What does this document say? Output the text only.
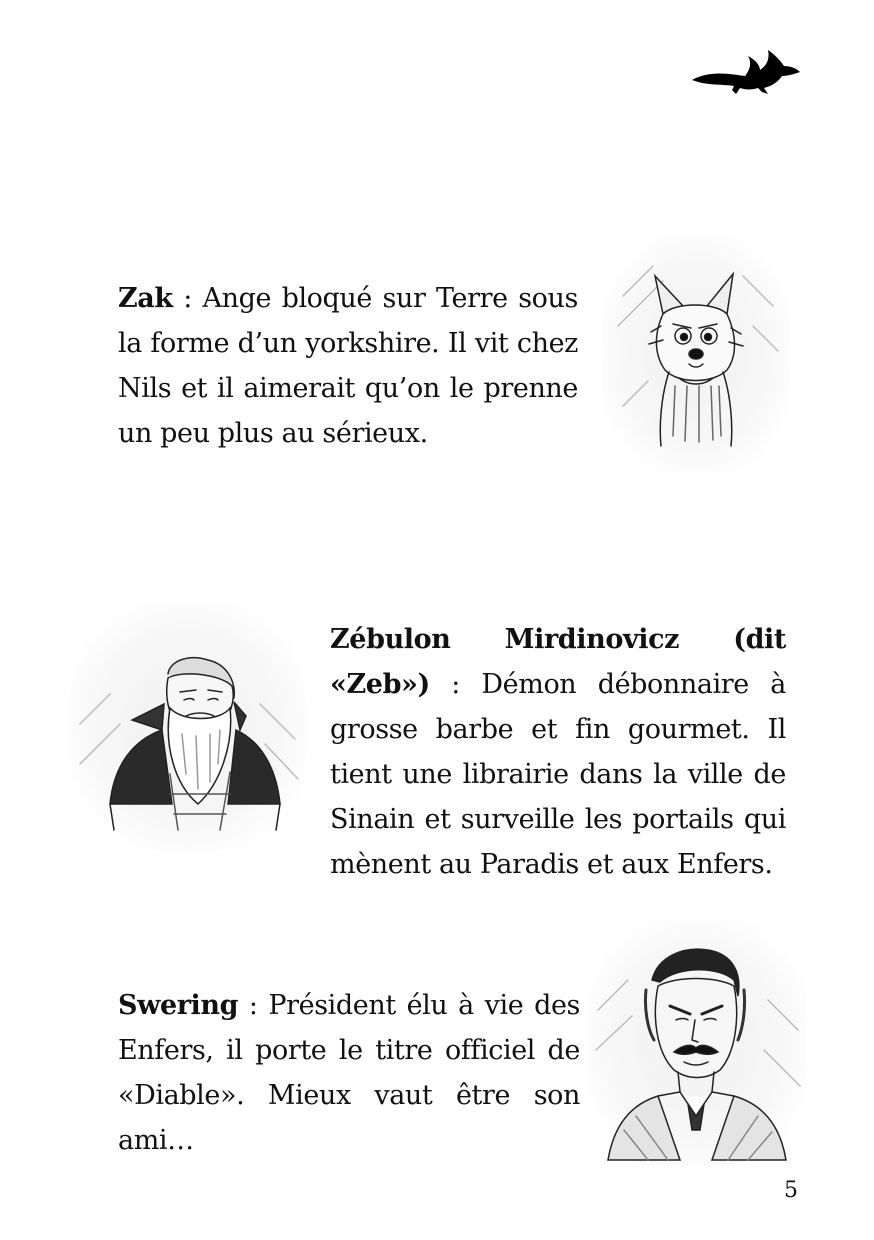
Zak : Ange bloqué sur Terre sous la forme d’un yorkshire. Il vit chez Nils et il aimerait qu’on le prenne un peu plus au sérieux.
Zébulon Mirdinovicz (dit «Zeb») : Démon débonnaire à grosse barbe et fin gourmet. Il tient une librairie dans la ville de Sinain et surveille les portails qui mènent au Paradis et aux Enfers.
Swering : Président élu à vie des Enfers, il porte le titre officiel de «Diable». Mieux vaut être son ami…
5
